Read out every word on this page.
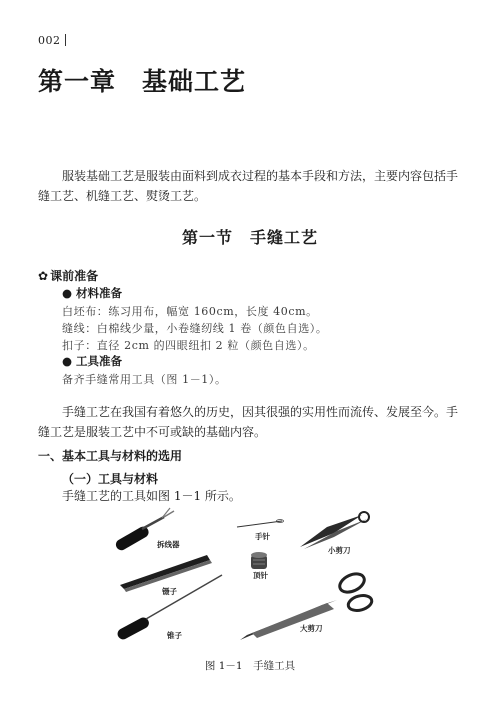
002
第一章　基础工艺
服装基础工艺是服装由面料到成衣过程的基本手段和方法，主要内容包括手缝工艺、机缝工艺、熨烫工艺。
第一节　手缝工艺
✿ 课前准备
● 材料准备
白坯布：练习用布，幅宽 160cm，长度 40cm。
缝线：白棉线少量，小卷缝纫线 1 卷（颜色自选）。
扣子：直径 2cm 的四眼纽扣 2 粒（颜色自选）。
● 工具准备
备齐手缝常用工具（图 1－1）。
手缝工艺在我国有着悠久的历史，因其很强的实用性而流传、发展至今。手缝工艺是服装工艺中不可或缺的基础内容。
一、基本工具与材料的选用
（一）工具与材料
手缝工艺的工具如图 1－1 所示。
拆线器
手针
小剪刀
镊子
顶针
锥子
大剪刀
图 1－1　手缝工具
